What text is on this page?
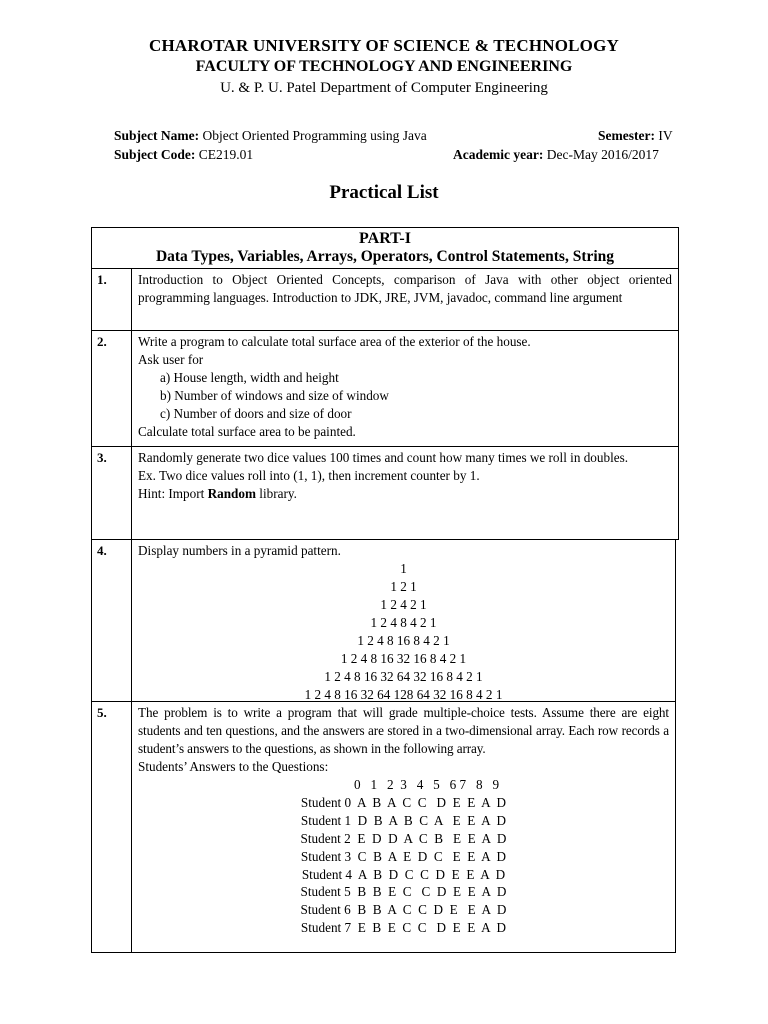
CHAROTAR UNIVERSITY OF SCIENCE & TECHNOLOGY
FACULTY OF TECHNOLOGY AND ENGINEERING
U. & P. U. Patel Department of Computer Engineering
Subject Name: Object Oriented Programming using Java	Semester: IV
Subject Code: CE219.01	Academic year: Dec-May 2016/2017
Practical List
PART-I
Data Types, Variables, Arrays, Operators, Control Statements, String
1.	Introduction to Object Oriented Concepts, comparison of Java with other object oriented programming languages. Introduction to JDK, JRE, JVM, javadoc, command line argument
2.	Write a program to calculate total surface area of the exterior of the house.

Ask user for

a) House length, width and height

b) Number of windows and size of window

c) Number of doors and size of door

Calculate total surface area to be painted.

3.	Randomly generate two dice values 100 times and count how many times we roll in doubles.

Ex. Two dice values roll into (1, 1), then increment counter by 1.

Hint: Import Random library.

4.	Display numbers in a pyramid pattern.

1

1 2 1

1 2 4 2 1

1 2 4 8 4 2 1

1 2 4 8 16 8 4 2 1

1 2 4 8 16 32 16 8 4 2 1

1 2 4 8 16 32 64 32 16 8 4 2 1

1 2 4 8 16 32 64 128 64 32 16 8 4 2 1

5.	The problem is to write a program that will grade multiple-choice tests. Assume there are eight students and ten questions, and the answers are stored in a two-dimensional array. Each row records a student’s answers to the questions, as shown in the following array.

Students’ Answers to the Questions:

0   1   2  3   4   5   6 7   8   9
Student 0  A  B  A  C  C   D  E  E  A  D
Student 1  D  B  A  B  C  A   E  E  A  D
Student 2  E  D  D  A  C  B   E  E  A  D
Student 3  C  B  A  E  D  C   E  E  A  D
Student 4  A  B  D  C  C  D  E  E  A  D
Student 5  B  B  E  C   C  D  E  E  A  D
Student 6  B  B  A  C  C  D  E   E  A  D
Student 7  E  B  E  C  C   D  E  E  A  D
